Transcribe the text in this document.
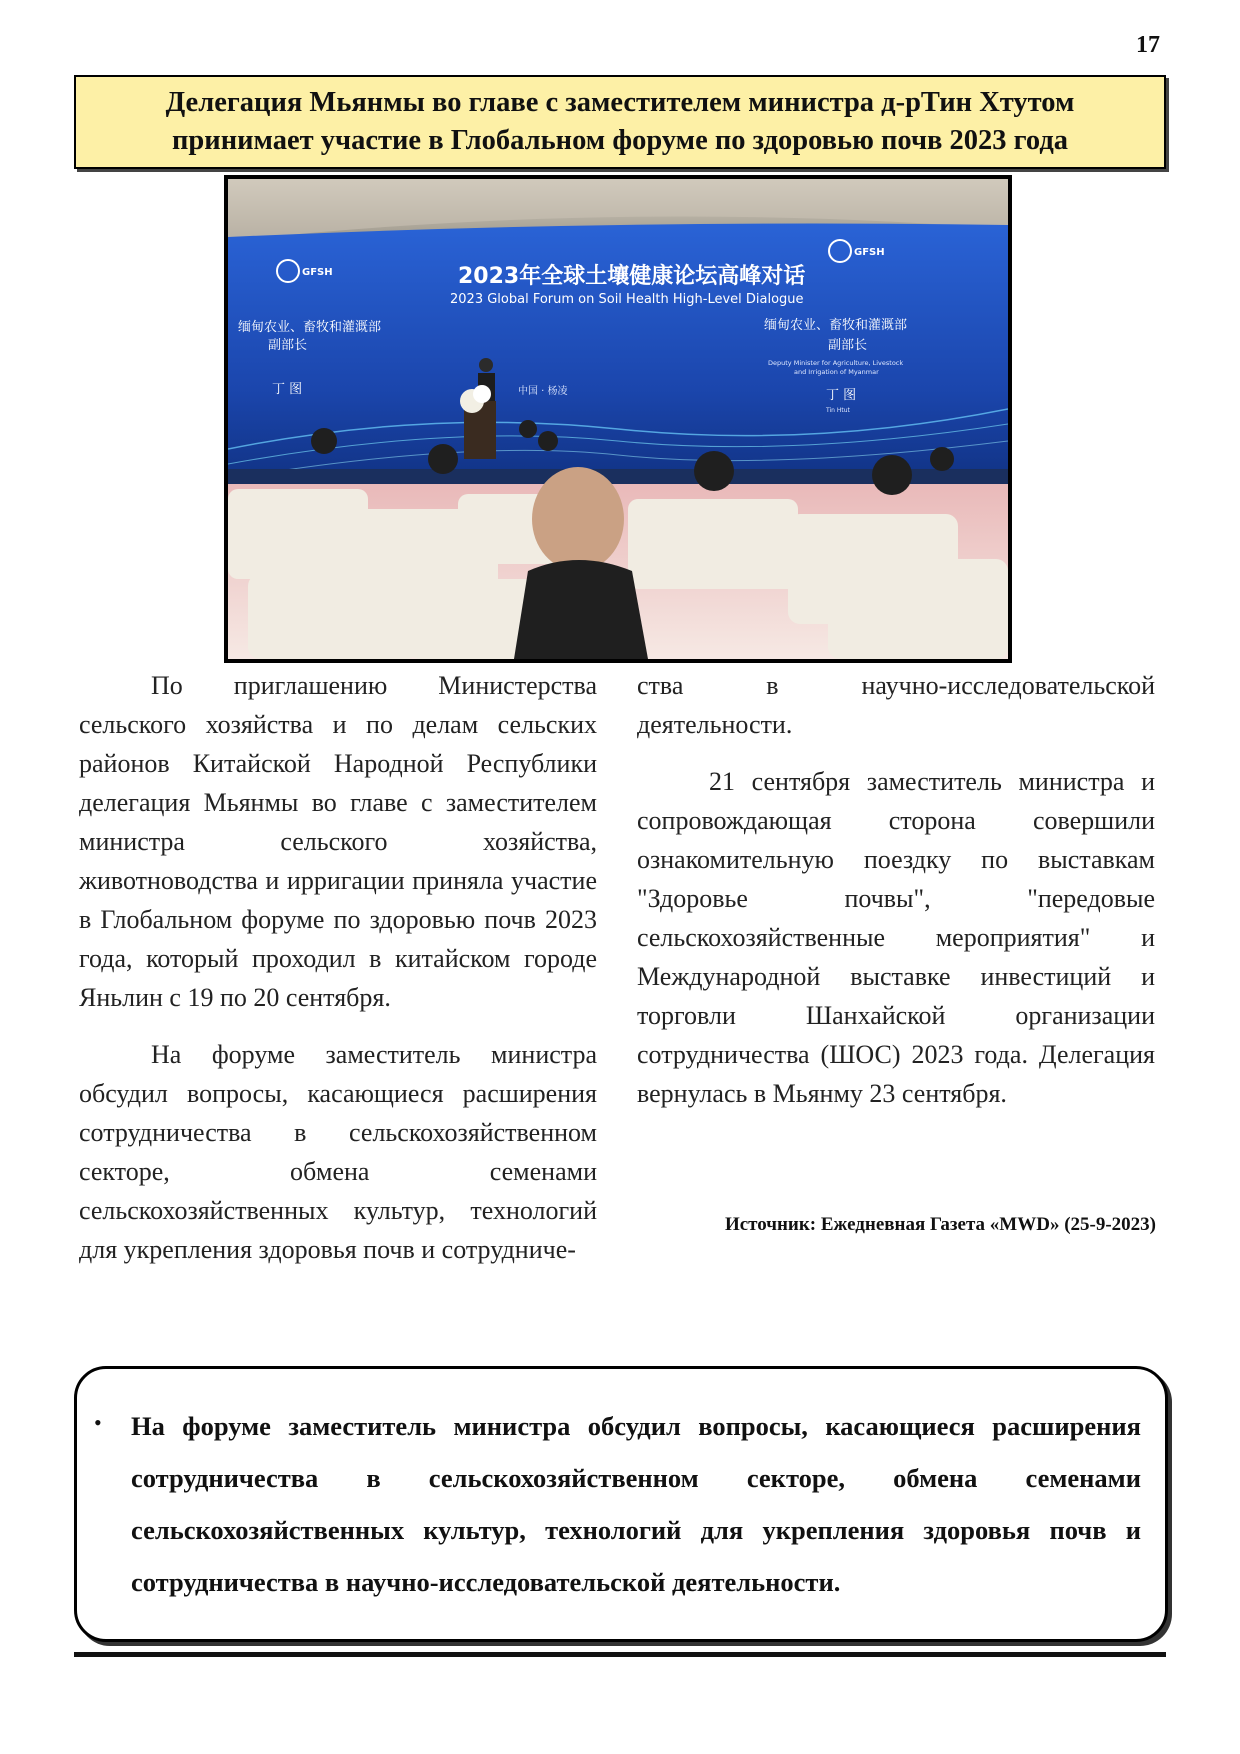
17
Делегация Мьянмы во главе с заместителем министра д-рТин Хтутом
принимает участие в Глобальном форуме по здоровью почв 2023 года
GFSH
GFSH
2023年全球土壤健康论坛高峰对话
2023 Global Forum on Soil Health High-Level Dialogue
缅甸农业、畜牧和灌溉部
副部长
丁 图
缅甸农业、畜牧和灌溉部
副部长
Deputy Minister for Agriculture, Livestock
and Irrigation of Myanmar
丁 图
Tin Htut
中国 · 杨凌

По приглашению Министерства сельского хозяйства и по делам сельских районов Китайской Народной Республики делегация Мьянмы во главе с заместителем министра сельского хозяйства, животноводства и ирригации приняла участие в Глобальном форуме по здоровью почв 2023 года, который проходил в китайском городе Яньлин с 19 по 20 сентября.

На форуме заместитель министра обсудил вопросы, касающиеся расширения сотрудничества в сельскохозяйственном секторе, обмена семенами сельскохозяйственных культур, технологий для укрепления здоровья почв и сотрудниче-

ства в научно-исследовательской деятельности.

21 сентября заместитель министра и сопровождающая сторона совершили ознакомительную поездку по выставкам "Здоровье почвы", "передовые сельскохозяйственные мероприятия" и Международной выставке инвестиций и торговли Шанхайской организации сотрудничества (ШОС) 2023 года. Делегация вернулась в Мьянму 23 сентября.

Источник: Ежедневная Газета «MWD» (25-9-2023)
• На форуме заместитель министра обсудил вопросы, касающиеся расширения сотрудничества в сельскохозяйственном секторе, обмена семенами сельскохозяйственных культур, технологий для укрепления здоровья почв и сотрудничества в научно-исследовательской деятельности.
